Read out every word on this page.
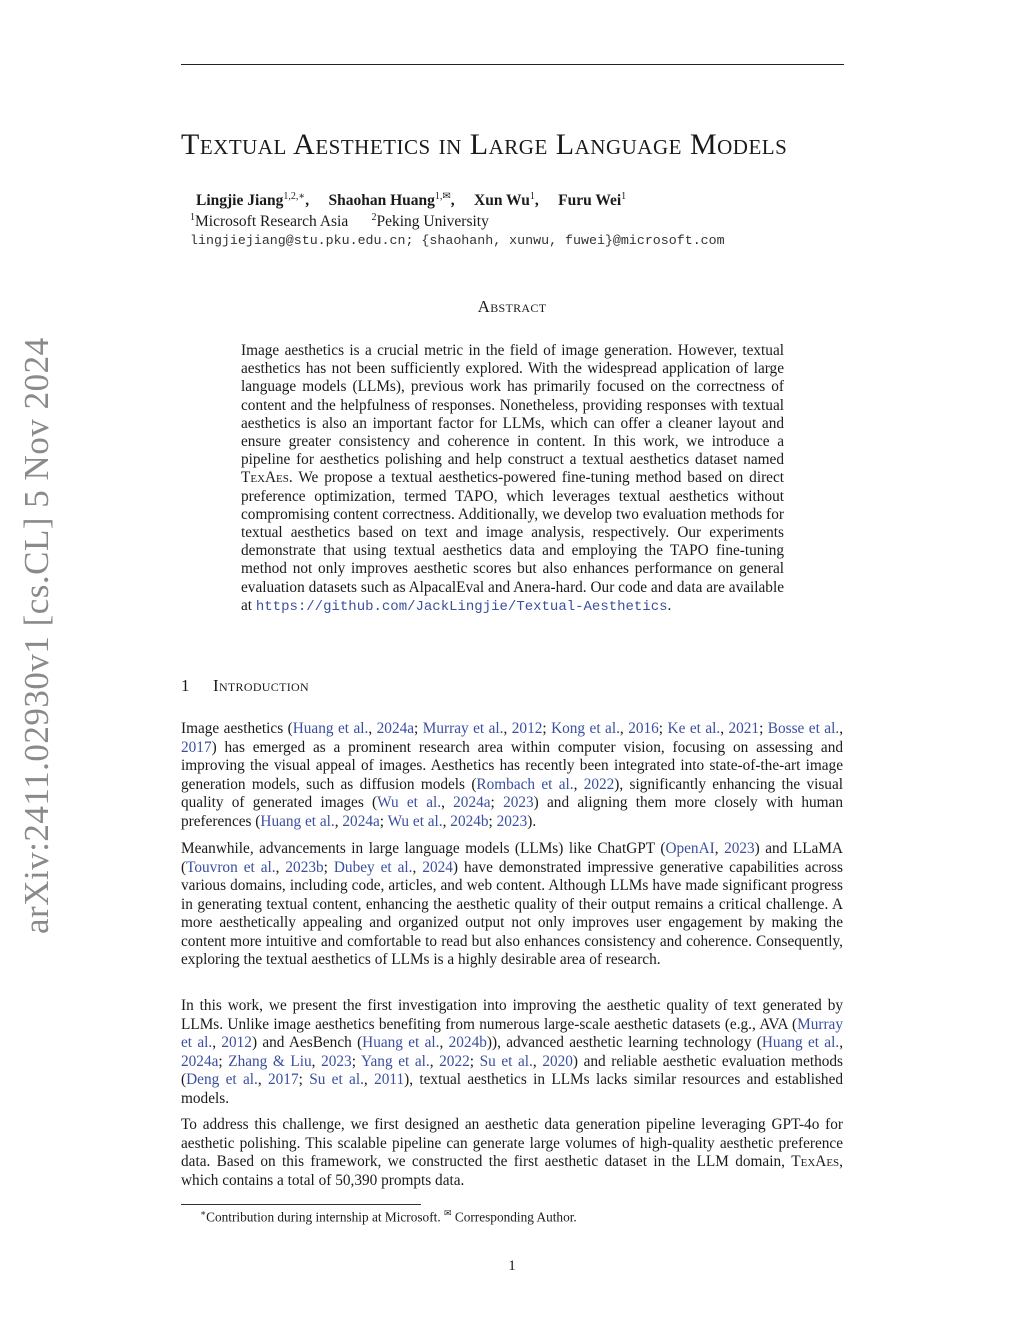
arXiv:2411.02930v1 [cs.CL] 5 Nov 2024
Textual Aesthetics in Large Language Models
Lingjie Jiang$^{1,2,∗}$,     Shaohan Huang$^{1,✉}$,     Xun Wu$^1$,     Furu Wei$^1$
$^1$Microsoft Research Asia $^2$Peking University
lingjiejiang@stu.pku.edu.cn; {shaohanh, xunwu, fuwei}@microsoft.com
Abstract
Image aesthetics is a crucial metric in the field of image generation. However, textual aesthetics has not been sufficiently explored. With the widespread application of large language models (LLMs), previous work has primarily focused on the correctness of content and the helpfulness of responses. Nonetheless, providing responses with textual aesthetics is also an important factor for LLMs, which can offer a cleaner layout and ensure greater consistency and coherence in content. In this work, we introduce a pipeline for aesthetics polishing and help construct a textual aesthetics dataset named TexAes. We propose a textual aesthetics-powered fine-tuning method based on direct preference optimization, termed TAPO, which leverages textual aesthetics without compromising content correctness. Additionally, we develop two evaluation methods for textual aesthetics based on text and image analysis, respectively. Our experiments demonstrate that using textual aesthetics data and employing the TAPO fine-tuning method not only improves aesthetic scores but also enhances performance on general evaluation datasets such as AlpacalEval and Anera-hard. Our code and data are available at https://github.com/JackLingjie/Textual-Aesthetics.
1 Introduction
Image aesthetics (Huang et al., 2024a; Murray et al., 2012; Kong et al., 2016; Ke et al., 2021; Bosse et al., 2017) has emerged as a prominent research area within computer vision, focusing on assessing and improving the visual appeal of images. Aesthetics has recently been integrated into state-of-the-art image generation models, such as diffusion models (Rombach et al., 2022), significantly enhancing the visual quality of generated images (Wu et al., 2024a; 2023) and aligning them more closely with human preferences (Huang et al., 2024a; Wu et al., 2024b; 2023).
Meanwhile, advancements in large language models (LLMs) like ChatGPT (OpenAI, 2023) and LLaMA (Touvron et al., 2023b; Dubey et al., 2024) have demonstrated impressive generative capabilities across various domains, including code, articles, and web content. Although LLMs have made significant progress in generating textual content, enhancing the aesthetic quality of their output remains a critical challenge. A more aesthetically appealing and organized output not only improves user engagement by making the content more intuitive and comfortable to read but also enhances consistency and coherence. Consequently, exploring the textual aesthetics of LLMs is a highly desirable area of research.
In this work, we present the first investigation into improving the aesthetic quality of text generated by LLMs. Unlike image aesthetics benefiting from numerous large-scale aesthetic datasets (e.g., AVA (Murray et al., 2012) and AesBench (Huang et al., 2024b)), advanced aesthetic learning technology (Huang et al., 2024a; Zhang & Liu, 2023; Yang et al., 2022; Su et al., 2020) and reliable aesthetic evaluation methods (Deng et al., 2017; Su et al., 2011), textual aesthetics in LLMs lacks similar resources and established models.
To address this challenge, we first designed an aesthetic data generation pipeline leveraging GPT-4o for aesthetic polishing. This scalable pipeline can generate large volumes of high-quality aesthetic preference data. Based on this framework, we constructed the first aesthetic dataset in the LLM domain, TexAes, which contains a total of 50,390 prompts data.
∗Contribution during internship at Microsoft. ✉ Corresponding Author.
1
